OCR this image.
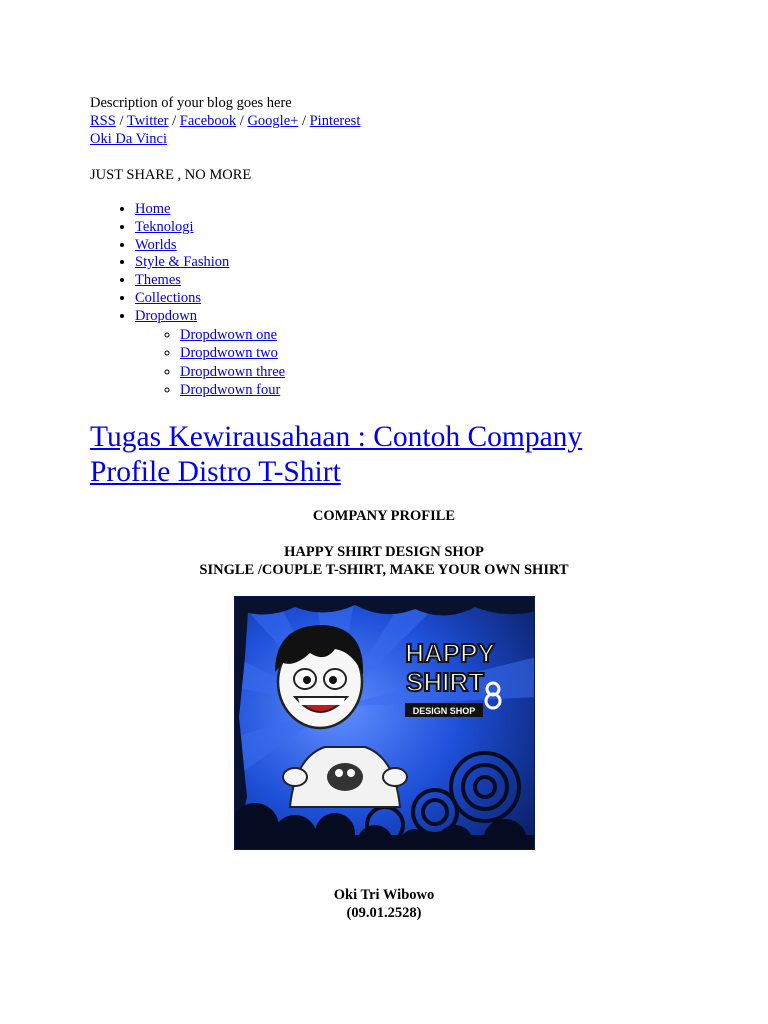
Description of your blog goes here
RSS / Twitter / Facebook / Google+ / Pinterest
Oki Da Vinci
JUST SHARE , NO MORE
• Home
• Teknologi
• Worlds
• Style & Fashion
• Themes
• Collections
• Dropdown
◦ Dropdwown one
◦ Dropdwown two
◦ Dropdwown three
◦ Dropdwown four
Tugas Kewirausahaan : Contoh Company
Profile Distro T-Shirt
COMPANY PROFILE
HAPPY SHIRT DESIGN SHOP
SINGLE /COUPLE T-SHIRT, MAKE YOUR OWN SHIRT
HAPPY
SHIRT
DESIGN SHOP
Oki Tri Wibowo
(09.01.2528)
